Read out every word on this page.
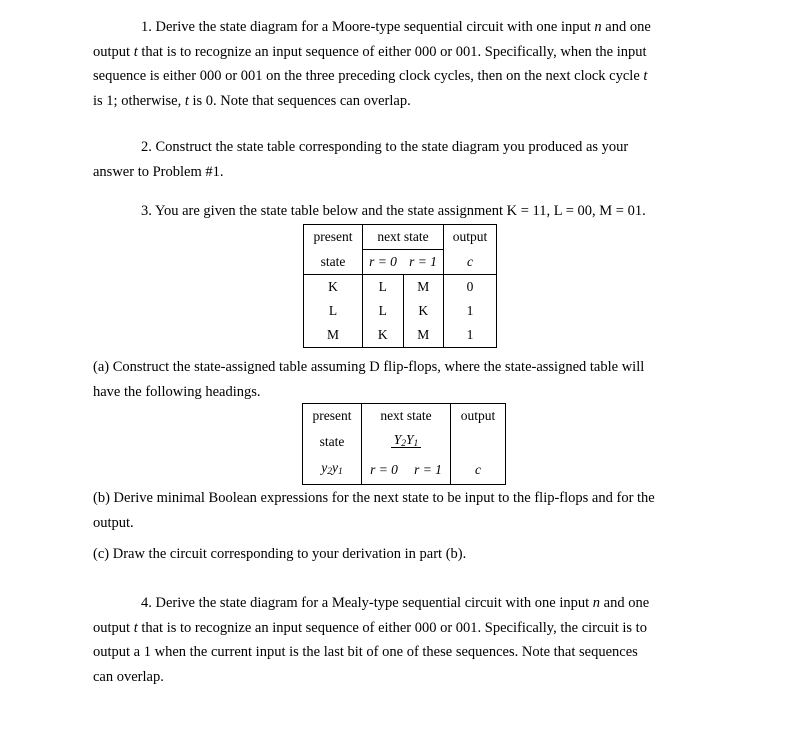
1. Derive the state diagram for a Moore-type sequential circuit with one input n and one
output t that is to recognize an input sequence of either 000 or 001. Specifically, when the input
sequence is either 000 or 001 on the three preceding clock cycles, then on the next clock cycle t
is 1; otherwise, t is 0. Note that sequences can overlap.
2. Construct the state table corresponding to the state diagram you produced as your
answer to Problem #1.
3. You are given the state table below and the state assignment K = 11, L = 00, M = 01.
present	next state		output
state	r = 0	r = 1	c
K	L	M	0
L	L	K	1
M	K	M	1
(a) Construct the state-assigned table assuming D flip-flops, where the state-assigned table will
have the following headings.
present	next state		output
state	$Y_2Y_1$	
$y_2y_1$	r = 0	r = 1	c
(b) Derive minimal Boolean expressions for the next state to be input to the flip-flops and for the
output.
(c) Draw the circuit corresponding to your derivation in part (b).
4. Derive the state diagram for a Mealy-type sequential circuit with one input n and one
output t that is to recognize an input sequence of either 000 or 001. Specifically, the circuit is to
output a 1 when the current input is the last bit of one of these sequences. Note that sequences
can overlap.
